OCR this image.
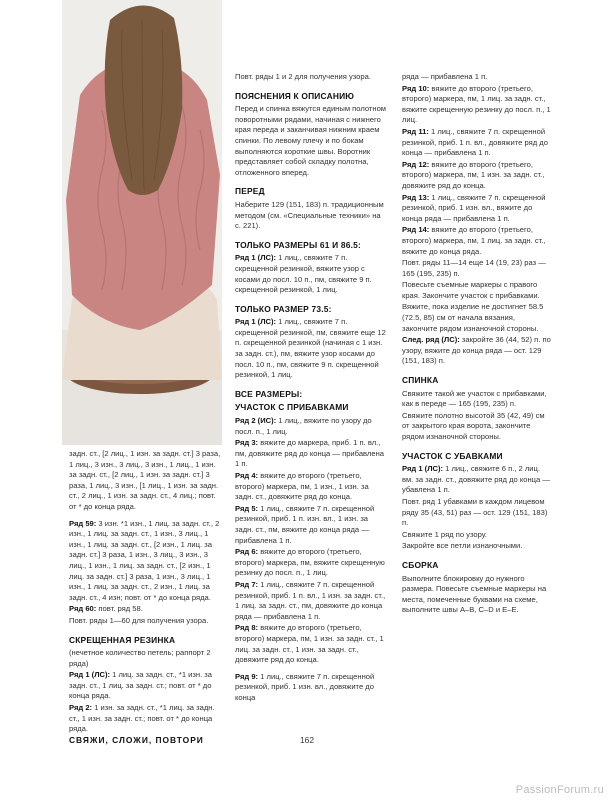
задн. ст., [2 лиц., 1 изн. за задн. ст.] 3 раза, 1 лиц., 3 изн., 3 лиц., 3 изн., 1 лиц., 1 изн. за задн. ст., [2 лиц., 1 изн. за задн. ст.] 3 раза, 1 лиц., 3 изн., [1 лиц., 1 изн. за задн. ст., 2 лиц., 1 изн. за задн. ст., 4 лиц.; повт. от * до конца ряда.

Ряд 59: 3 изн. *1 изн., 1 лиц. за задн. ст., 2 изн., 1 лиц. за задн. ст., 1 изн., 3 лиц., 1 изн., 1 лиц. за задн. ст., [2 изн., 1 лиц. за задн. ст.] 3 раза, 1 изн., 3 лиц., 3 изн., 3 лиц., 1 изн., 1 лиц. за задн. ст., [2 изн., 1 лиц. за задн. ст.] 3 раза, 1 изн., 3 лиц., 1 изн., 1 лиц. за задн. ст., 2 изн., 1 лиц. за задн. ст., 4 изн; повт. от * до конца ряда.

Ряд 60: повт. ряд 58.

Повт. ряды 1—60 для получения узора.

СКРЕЩЕННАЯ РЕЗИНКА

(нечетное количество петель; раппорт 2 ряда)

Ряд 1 (ЛС): 1 лиц. за задн. ст., *1 изн. за задн. ст., 1 лиц. за задн. ст.; повт. от * до конца ряда.

Ряд 2: 1 изн. за задн. ст., *1 лиц. за задн. ст., 1 изн. за задн. ст.; повт. от * до конца ряда.

Повт. ряды 1 и 2 для получения узора.

ПОЯСНЕНИЯ К ОПИСАНИЮ

Перед и спинка вяжутся единым полотном поворотными рядами, начиная с нижнего края переда и заканчивая нижним краем спинки. По левому плечу и по бокам выполняются короткие швы. Воротник представляет собой складку полотна, отложенного вперед.

ПЕРЕД

Наберите 129 (151, 183) п. традиционным методом (см. «Специальные техники» на с. 221).

ТОЛЬКО РАЗМЕРЫ 61 И 86.5:

Ряд 1 (ЛС): 1 лиц., свяжите 7 п. скрещенной резинкой, вяжите узор с косами до посл. 10 п., пм, свяжите 9 п. скрещенной резинкой, 1 лиц.

ТОЛЬКО РАЗМЕР 73.5:

Ряд 1 (ЛС): 1 лиц., свяжите 7 п. скрещенной резинкой, пм, свяжите еще 12 п. скрещенной резинкой (начиная с 1 изн. за задн. ст.), пм, вяжите узор косами до посл. 10 п., пм, свяжите 9 п. скрещенной резинкой, 1 лиц.

ВСЕ РАЗМЕРЫ:

УЧАСТОК С ПРИБАВКАМИ

Ряд 2 (ИС): 1 лиц., вяжите по узору до посл. п., 1 лиц.

Ряд 3: вяжите до маркера, приб. 1 п. вл., пм, довяжите ряд до конца — прибавлена 1 п.

Ряд 4: вяжите до второго (третьего, второго) маркера, пм, 1 изн., 1 изн. за задн. ст., довяжите ряд до конца.

Ряд 5: 1 лиц., свяжите 7 п. скрещенной резинкой, приб. 1 п. изн. вл., 1 изн. за задн. ст., пм, вяжите до конца ряда — прибавлена 1 п.

Ряд 6: вяжите до второго (третьего, второго) маркера, пм, вяжите скрещенную резинку до посл. п., 1 лиц.

Ряд 7: 1 лиц., свяжите 7 п. скрещенной резинкой, приб. 1 п. вл., 1 изн. за задн. ст., 1 лиц. за задн. ст., пм, довяжите до конца ряда — прибавлена 1 п.

Ряд 8: вяжите до второго (третьего, второго) маркера, пм, 1 изн. за задн. ст., 1 лиц. за задн. ст., 1 изн. за задн. ст., довяжите ряд до конца.

Ряд 9: 1 лиц., свяжите 7 п. скрещенной резинкой, приб. 1 изн. вл., довяжите до конца

ряда — прибавлена 1 п.

Ряд 10: вяжите до второго (третьего, второго) маркера, пм, 1 лиц. за задн. ст., вяжите скрещенную резинку до посл. п., 1 лиц.

Ряд 11: 1 лиц., свяжите 7 п. скрещенной резинкой, приб. 1 п. вл., довяжите ряд до конца — прибавлена 1 п.

Ряд 12: вяжите до второго (третьего, второго) маркера, пм, 1 изн. за задн. ст., довяжите ряд до конца.

Ряд 13: 1 лиц., свяжите 7 п. скрещенной резинкой, приб. 1 изн. вл., вяжите до конца ряда — прибавлена 1 п.

Ряд 14: вяжите до второго (третьего, второго) маркера, пм, 1 лиц. за задн. ст., вяжите до конца ряда.

Повт. ряды 11—14 еще 14 (19, 23) раз — 165 (195, 235) п.

Повесьте съемные маркеры с правого края. Закончите участок с прибавками.

Вяжите, пока изделие не достигнет 58.5 (72.5, 85) см от начала вязания, закончите рядом изнаночной стороны.

След. ряд (ЛС): закройте 36 (44, 52) п. по узору, вяжите до конца ряда — ост. 129 (151, 183) п.

СПИНКА

Свяжите такой же участок с прибавками, как в переде — 165 (195, 235) п.

Свяжите полотно высотой 35 (42, 49) см от закрытого края ворота, закончите рядом изнаночной стороны.

УЧАСТОК С УБАВКАМИ

Ряд 1 (ЛС): 1 лиц., свяжите 6 п., 2 лиц. вм. за задн. ст., довяжите ряд до конца — убавлена 1 п.

Повт. ряд 1 убавками в каждом лицевом ряду 35 (43, 51) раз — ост. 129 (151, 183) п.

Свяжите 1 ряд по узору.

Закройте все петли изнаночными.

СБОРКА

Выполните блокировку до нужного размера. Повесьте съемные маркеры на места, помеченные буквами на схеме, выполните швы А–B, C–D и E–E.

СВЯЖИ, СЛОЖИ, ПОВТОРИ	162
PassionForum.ru
